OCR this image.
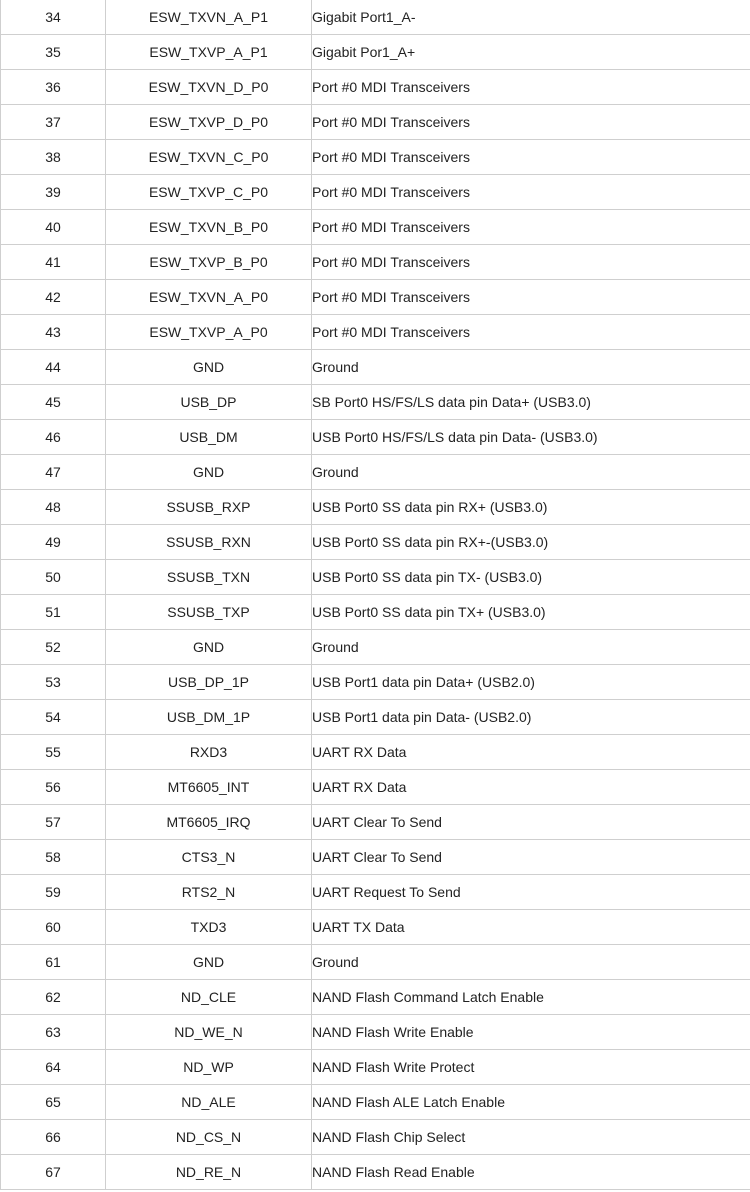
34	ESW_TXVN_A_P1	Gigabit Port1_A-
35	ESW_TXVP_A_P1	Gigabit Por1_A+
36	ESW_TXVN_D_P0	Port #0 MDI Transceivers
37	ESW_TXVP_D_P0	Port #0 MDI Transceivers
38	ESW_TXVN_C_P0	Port #0 MDI Transceivers
39	ESW_TXVP_C_P0	Port #0 MDI Transceivers
40	ESW_TXVN_B_P0	Port #0 MDI Transceivers
41	ESW_TXVP_B_P0	Port #0 MDI Transceivers
42	ESW_TXVN_A_P0	Port #0 MDI Transceivers
43	ESW_TXVP_A_P0	Port #0 MDI Transceivers
44	GND	Ground
45	USB_DP	SB Port0 HS/FS/LS data pin Data+ (USB3.0)
46	USB_DM	USB Port0 HS/FS/LS data pin Data- (USB3.0)
47	GND	Ground
48	SSUSB_RXP	USB Port0 SS data pin RX+ (USB3.0)
49	SSUSB_RXN	USB Port0 SS data pin RX+-(USB3.0)
50	SSUSB_TXN	USB Port0 SS data pin TX- (USB3.0)
51	SSUSB_TXP	USB Port0 SS data pin TX+ (USB3.0)
52	GND	Ground
53	USB_DP_1P	USB Port1 data pin Data+ (USB2.0)
54	USB_DM_1P	USB Port1 data pin Data- (USB2.0)
55	RXD3	UART RX Data
56	MT6605_INT	UART RX Data
57	MT6605_IRQ	UART Clear To Send
58	CTS3_N	UART Clear To Send
59	RTS2_N	UART Request To Send
60	TXD3	UART TX Data
61	GND	Ground
62	ND_CLE	NAND Flash Command Latch Enable
63	ND_WE_N	NAND Flash Write Enable
64	ND_WP	NAND Flash Write Protect
65	ND_ALE	NAND Flash ALE Latch Enable
66	ND_CS_N	NAND Flash Chip Select
67	ND_RE_N	NAND Flash Read Enable
